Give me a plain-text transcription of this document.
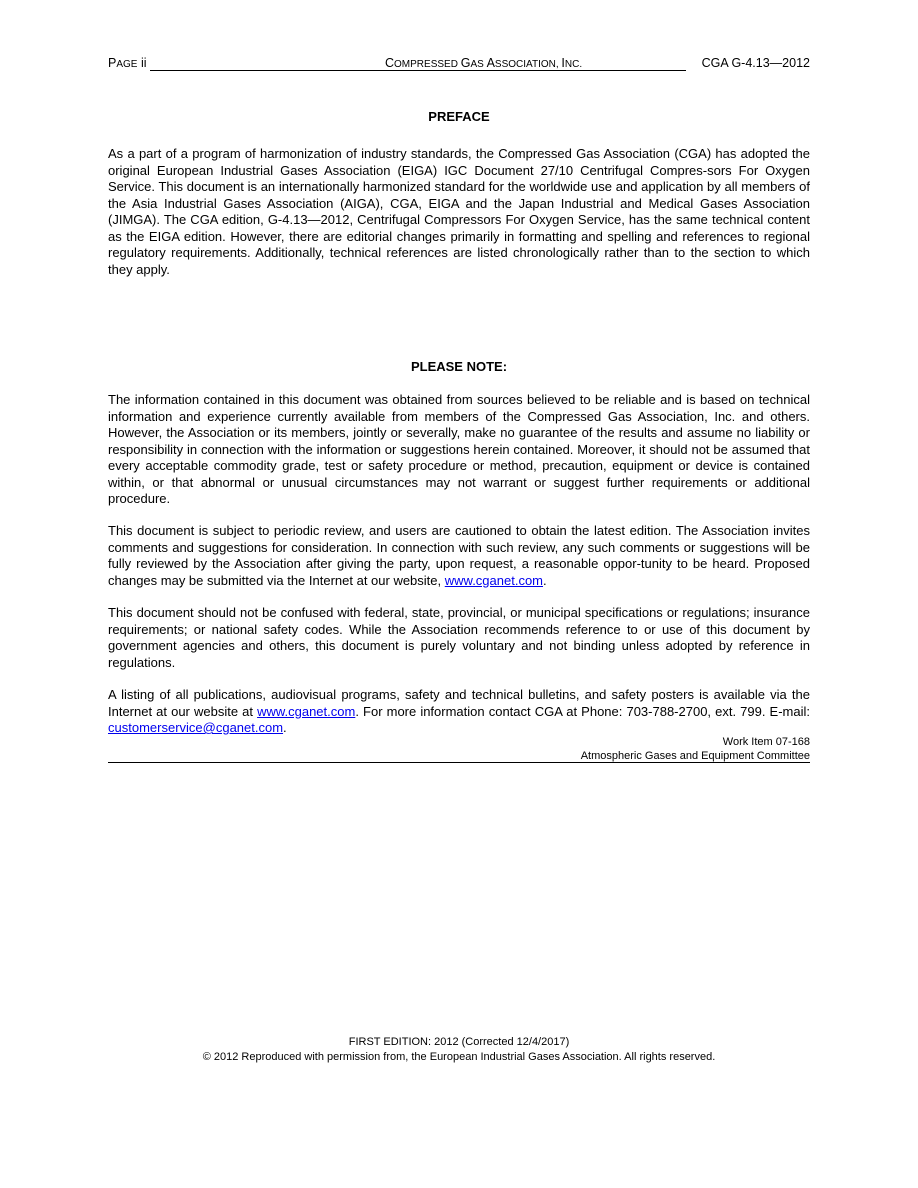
PAGE ii	COMPRESSED GAS ASSOCIATION, INC.	CGA G-4.13—2012
PREFACE

As a part of a program of harmonization of industry standards, the Compressed Gas Association (CGA) has adopted the original European Industrial Gases Association (EIGA) IGC Document 27/10 Centrifugal Compres-sors For Oxygen Service. This document is an internationally harmonized standard for the worldwide use and application by all members of the Asia Industrial Gases Association (AIGA), CGA, EIGA and the Japan Industrial and Medical Gases Association (JIMGA). The CGA edition, G-4.13—2012, Centrifugal Compressors For Oxygen Service, has the same technical content as the EIGA edition. However, there are editorial changes primarily in formatting and spelling and references to regional regulatory requirements. Additionally, technical references are listed chronologically rather than to the section to which they apply.

PLEASE NOTE:

The information contained in this document was obtained from sources believed to be reliable and is based on technical information and experience currently available from members of the Compressed Gas Association, Inc. and others. However, the Association or its members, jointly or severally, make no guarantee of the results and assume no liability or responsibility in connection with the information or suggestions herein contained. Moreover, it should not be assumed that every acceptable commodity grade, test or safety procedure or method, precaution, equipment or device is contained within, or that abnormal or unusual circumstances may not warrant or suggest further requirements or additional procedure.

This document is subject to periodic review, and users are cautioned to obtain the latest edition. The Association invites comments and suggestions for consideration. In connection with such review, any such comments or suggestions will be fully reviewed by the Association after giving the party, upon request, a reasonable oppor-tunity to be heard. Proposed changes may be submitted via the Internet at our website, www.cganet.com.

This document should not be confused with federal, state, provincial, or municipal specifications or regulations; insurance requirements; or national safety codes. While the Association recommends reference to or use of this document by government agencies and others, this document is purely voluntary and not binding unless adopted by reference in regulations.

A listing of all publications, audiovisual programs, safety and technical bulletins, and safety posters is available via the Internet at our website at www.cganet.com. For more information contact CGA at Phone: 703-788-2700, ext. 799. E-mail: customerservice@cganet.com.

Work Item 07-168
Atmospheric Gases and Equipment Committee
FIRST EDITION: 2012 (Corrected 12/4/2017)
© 2012 Reproduced with permission from, the European Industrial Gases Association. All rights reserved.
